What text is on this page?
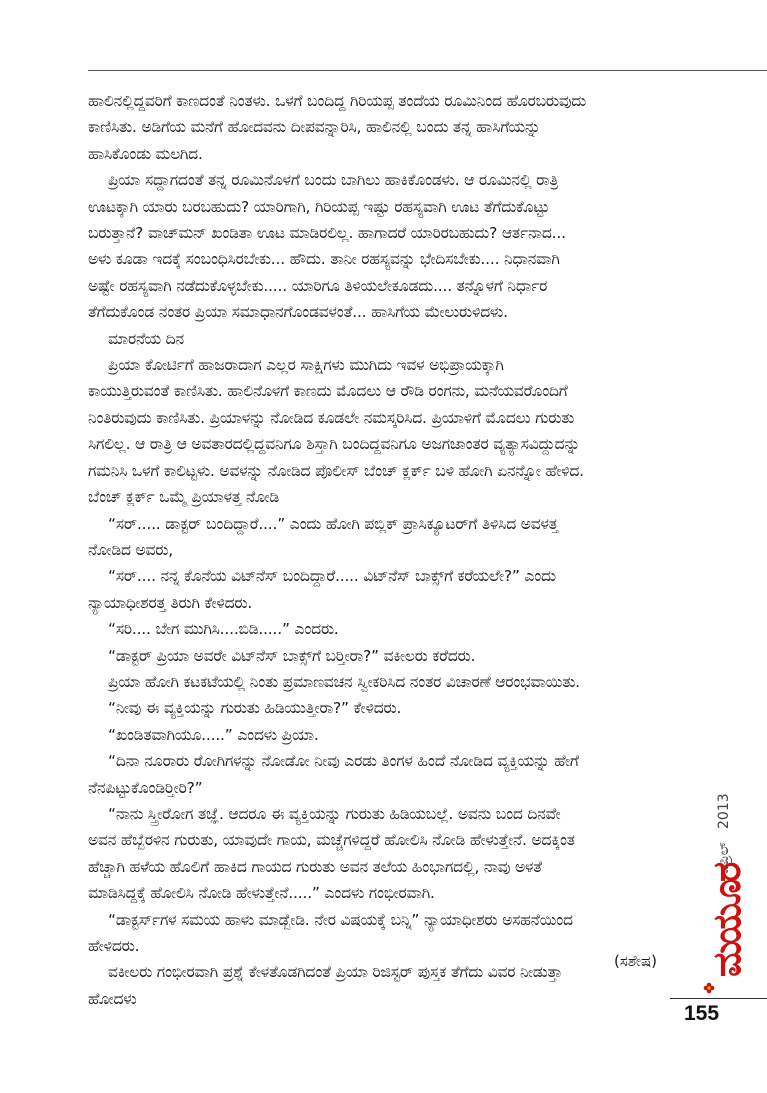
ಹಾಲಿನಲ್ಲಿದ್ದವರಿಗೆ ಕಾಣದಂತೆ ನಿಂತಳು. ಒಳಗೆ ಬಂದಿದ್ದ ಗಿರಿಯಪ್ಪ ತಂದೆಯ ರೂಮಿನಿಂದ ಹೊರಬರುವುದು
ಕಾಣಿಸಿತು. ಅಡಿಗೆಯ ಮನೆಗೆ ಹೋದವನು ದೀಪವನ್ನಾರಿಸಿ, ಹಾಲಿನಲ್ಲಿ ಬಂದು ತನ್ನ ಹಾಸಿಗೆಯನ್ನು
ಹಾಸಿಕೊಂಡು ಮಲಗಿದ.

ಪ್ರಿಯಾ ಸದ್ದಾಗದಂತೆ ತನ್ನ ರೂಮಿನೊಳಗೆ ಬಂದು ಬಾಗಿಲು ಹಾಕಿಕೊಂಡಳು. ಆ ರೂಮಿನಲ್ಲಿ ರಾತ್ರಿ
ಊಟಕ್ಕಾಗಿ ಯಾರು ಬರಬಹುದು? ಯಾರಿಗಾಗಿ, ಗಿರಿಯಪ್ಪ ಇಷ್ಟು ರಹಸ್ಯವಾಗಿ ಊಟ ತೆಗೆದುಕೊಟ್ಟು
ಬರುತ್ತಾನೆ? ವಾಚ್‌ಮನ್ ಖಂಡಿತಾ ಊಟ ಮಾಡಿರಲಿಲ್ಲ. ಹಾಗಾದರೆ ಯಾರಿರಬಹುದು? ಆರ್ತನಾದ...
ಅಳು ಕೂಡಾ ಇದಕ್ಕೆ ಸಂಬಂಧಿಸಿರಬೇಕು... ಹೌದು. ತಾನೀ ರಹಸ್ಯವನ್ನು ಭೇದಿಸಬೇಕು.... ನಿಧಾನವಾಗಿ
ಅಷ್ಟೇ ರಹಸ್ಯವಾಗಿ ನಡೆದುಕೊಳ್ಳಬೇಕು..... ಯಾರಿಗೂ ತಿಳಿಯಲೇಕೂಡದು.... ತನ್ನೊಳಗೆ ನಿರ್ಧಾರ
ತೆಗೆದುಕೊಂಡ ನಂತರ ಪ್ರಿಯಾ ಸಮಾಧಾನಗೊಂಡವಳಂತೆ... ಹಾಸಿಗೆಯ ಮೇಲುರುಳಿದಳು.

ಮಾರನೆಯ ದಿನ

ಪ್ರಿಯಾ ಕೋರ್ಟಿಗೆ ಹಾಜರಾದಾಗ ಎಲ್ಲರ ಸಾಕ್ಷಿಗಳು ಮುಗಿದು ಇವಳ ಅಭಿಪ್ರಾಯಕ್ಕಾಗಿ
ಕಾಯುತ್ತಿರುವಂತೆ ಕಾಣಿಸಿತು. ಹಾಲಿನೊಳಗೆ ಕಾಣದು ಮೊದಲು ಆ ರೌಡಿ ರಂಗನು, ಮನೆಯವರೊಂದಿಗೆ
ನಿಂತಿರುವುದು ಕಾಣಿಸಿತು. ಪ್ರಿಯಾಳನ್ನು ನೋಡಿದ ಕೂಡಲೇ ನಮಸ್ಕರಿಸಿದ. ಪ್ರಿಯಾಳಿಗೆ ಮೊದಲು ಗುರುತು
ಸಿಗಲಿಲ್ಲ. ಆ ರಾತ್ರಿ ಆ ಅವತಾರದಲ್ಲಿದ್ದವನಿಗೂ ಶಿಸ್ತಾಗಿ ಬಂದಿದ್ದವನಿಗೂ ಅಜಗಜಾಂತರ ವ್ಯತ್ಯಾಸವಿದ್ದುದನ್ನು
ಗಮನಿಸಿ ಒಳಗೆ ಕಾಲಿಟ್ಟಳು. ಅವಳನ್ನು ನೋಡಿದ ಪೊಲೀಸ್ ಬೆಂಚ್ ಕ್ಲರ್ಕ್ ಬಳಿ ಹೋಗಿ ಏನನ್ನೋ ಹೇಳಿದ.
ಬೆಂಚ್ ಕ್ಲರ್ಕ್ ಒಮ್ಮೆ ಪ್ರಿಯಾಳತ್ತ ನೋಡಿ

“ಸರ್..... ಡಾಕ್ಟರ್ ಬಂದಿದ್ದಾರೆ....” ಎಂದು ಹೋಗಿ ಪಬ್ಲಿಕ್ ಪ್ರಾಸಿಕ್ಯೂಟರ್‌ಗೆ ತಿಳಿಸಿದ ಅವಳತ್ತ
ನೋಡಿದ ಅವರು,

“ಸರ್.... ನನ್ನ ಕೊನೆಯ ವಿಟ್‌ನೆಸ್ ಬಂದಿದ್ದಾರೆ..... ವಿಟ್‌ನೆಸ್ ಬಾಕ್ಸ್‌ಗೆ ಕರೆಯಲೇ?” ಎಂದು
ನ್ಯಾಯಾಧೀಶರತ್ತ ತಿರುಗಿ ಕೇಳಿದರು.

“ಸರಿ.... ಬೇಗ ಮುಗಿಸಿ....ಬಿಡಿ.....” ಎಂದರು.

“ಡಾಕ್ಟರ್ ಪ್ರಿಯಾ ಅವರೇ ವಿಟ್‌ನೆಸ್ ಬಾಕ್ಸ್‌ಗೆ ಬರ್‍ತೀರಾ?” ವಕೀಲರು ಕರೆದರು.

ಪ್ರಿಯಾ ಹೋಗಿ ಕಟಕಟೆಯಲ್ಲಿ ನಿಂತು ಪ್ರಮಾಣವಚನ ಸ್ವೀಕರಿಸಿದ ನಂತರ ವಿಚಾರಣೆ ಆರಂಭವಾಯಿತು.

“ನೀವು ಈ ವ್ಯಕ್ತಿಯನ್ನು ಗುರುತು ಹಿಡಿಯುತ್ತೀರಾ?” ಕೇಳಿದರು.

“ಖಂಡಿತವಾಗಿಯೂ.....” ಎಂದಳು ಪ್ರಿಯಾ.

“ದಿನಾ ನೂರಾರು ರೋಗಿಗಳನ್ನು ನೋಡೋ ನೀವು ಎರಡು ತಿಂಗಳ ಹಿಂದೆ ನೋಡಿದ ವ್ಯಕ್ತಿಯನ್ನು ಹೇಗೆ
ನೆನಪಿಟ್ಟುಕೊಂಡಿರ್‍ತೀರಿ?”

“ನಾನು ಸ್ತ್ರೀರೋಗ ತಜ್ಞೆ. ಆದರೂ ಈ ವ್ಯಕ್ತಿಯನ್ನು ಗುರುತು ಹಿಡಿಯಬಲ್ಲೆ. ಅವನು ಬಂದ ದಿನವೇ
ಅವನ ಹೆಬ್ಬೆರಳಿನ ಗುರುತು, ಯಾವುದೇ ಗಾಯ, ಮಚ್ಚೆಗಳಿದ್ದರೆ ಹೋಲಿಸಿ ನೋಡಿ ಹೇಳುತ್ತೇನೆ. ಅದಕ್ಕಿಂತ
ಹೆಚ್ಚಾಗಿ ಹಳೆಯ ಹೊಲಿಗೆ ಹಾಕಿದ ಗಾಯದ ಗುರುತು ಅವನ ತಲೆಯ ಹಿಂಭಾಗದಲ್ಲಿ, ನಾವು ಅಳತೆ
ಮಾಡಿಸಿದ್ದಕ್ಕೆ ಹೋಲಿಸಿ ನೋಡಿ ಹೇಳುತ್ತೇನೆ.....” ಎಂದಳು ಗಂಭೀರವಾಗಿ.

“ಡಾಕ್ಟರ್ಸ್‌ಗಳ ಸಮಯ ಹಾಳು ಮಾಡ್ಬೇಡಿ. ನೇರ ವಿಷಯಕ್ಕೆ ಬನ್ನಿ” ನ್ಯಾಯಾಧೀಶರು ಅಸಹನೆಯಿಂದ
ಹೇಳಿದರು.

ವಕೀಲರು ಗಂಭೀರವಾಗಿ ಪ್ರಶ್ನೆ ಕೇಳತೊಡಗಿದಂತೆ ಪ್ರಿಯಾ ರಿಜಿಸ್ಟರ್ ಪುಸ್ತಕ ತೆಗೆದು ವಿವರ ನೀಡುತ್ತಾ
ಹೋದಳು

(ಸಶೇಷ)
ಏಪ್ರಿಲ್ 2013
ಮಯೂರ
155
